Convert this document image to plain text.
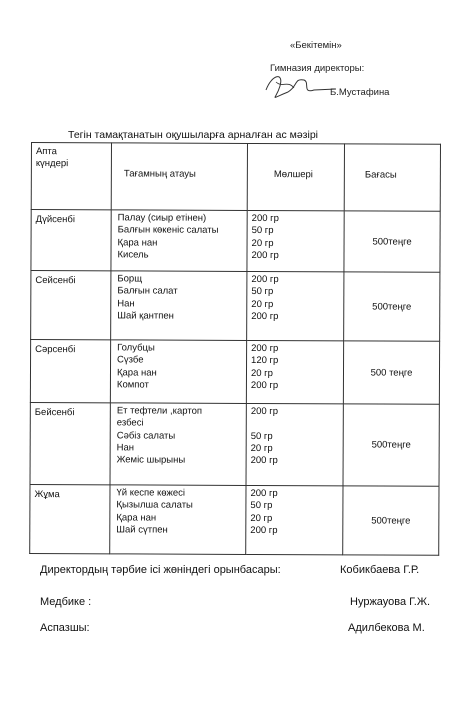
«Бекітемін»
Гимназия директоры:
Б.Мустафина
Тегін тамақтанатын оқушыларға арналған ас мәзірі
Апта
күндері	Тағамның атауы	Мөлшері	Бағасы

Дүйсенбі	Палау (сиыр етінен)
Балғын көкеніс салаты
Қара нан
Кисель	200 гр
50 гр
20 гр
200 гр	500теңге
Сейсенбі	Борщ
Балғын салат
Нан
Шай қантпен	200 гр
50 гр
20 гр
200 гр	500теңге
Сәрсенбі	Голубцы
Сүзбе
Қара нан
Компот	200 гр
120 гр
20 гр
200 гр	500 теңге
Бейсенбі	Ет тефтели ,картоп
езбесі
Сәбіз салаты
Нан
Жеміс шырыны	200 гр

50 гр
20 гр
200 гр	500теңге
Жұма	Үй кеспе көжесі
Қызылша салаты
Қара нан
Шай сүтпен	200 гр
50 гр
20 гр
200 гр	500теңге
Директордың тәрбие ісі жөніндегі орынбасары:	Кобикбаева Г.Р.
Медбике :	Нуржауова Г.Ж.
Аспазшы:	Адилбекова М.
